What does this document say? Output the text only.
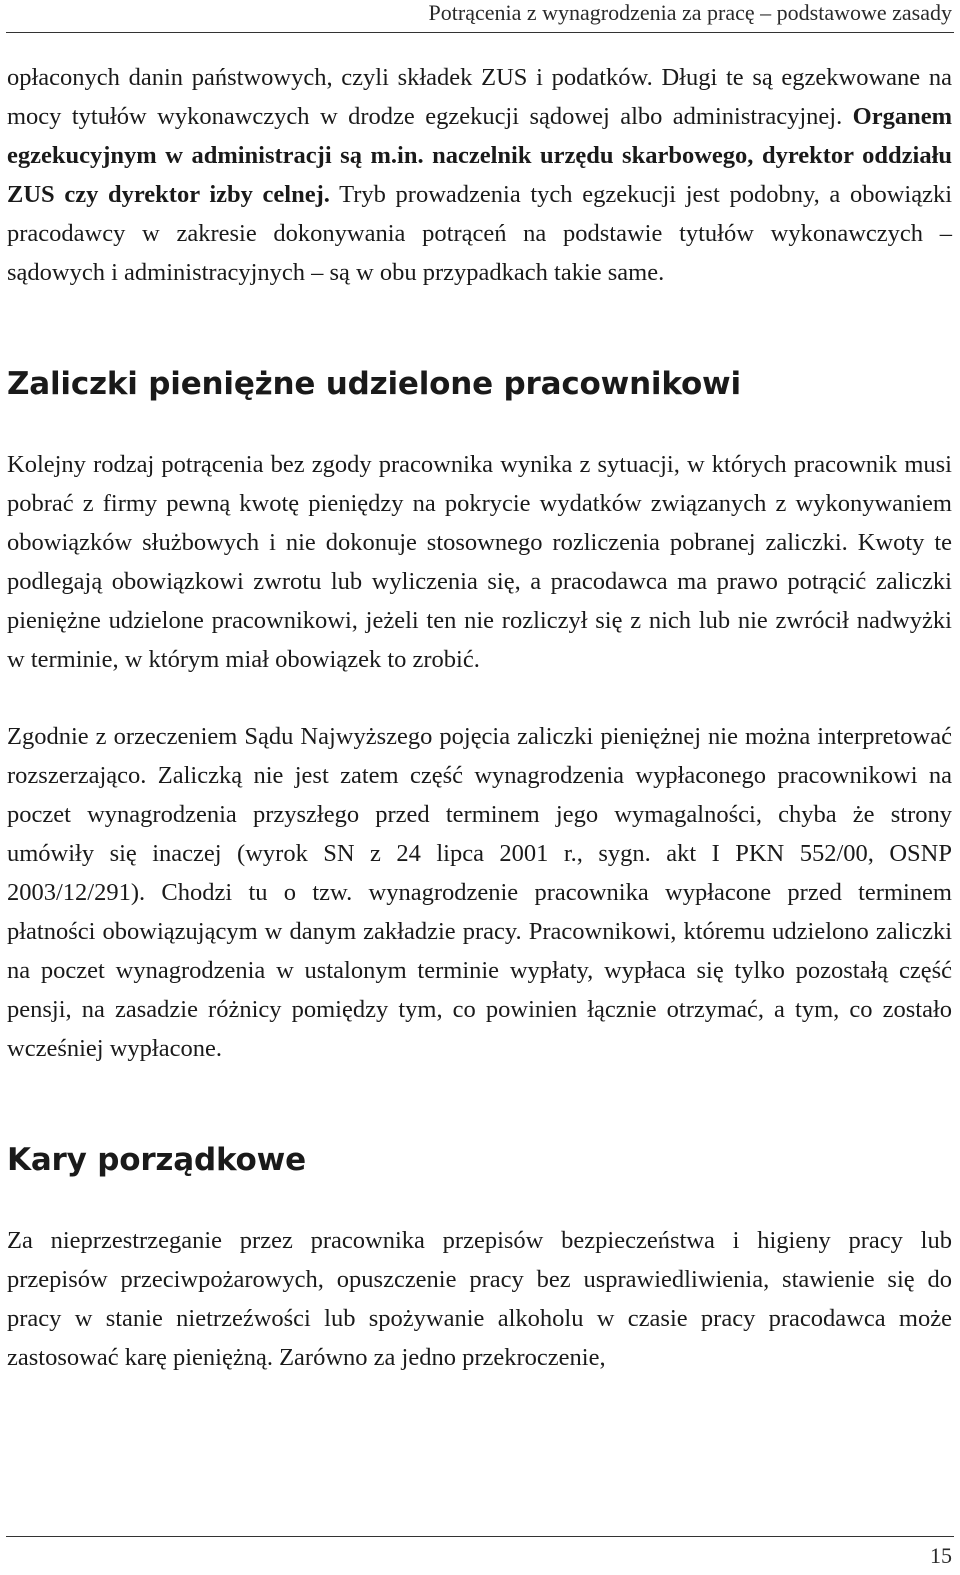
Potrącenia z wynagrodzenia za pracę – podstawowe zasady

opłaconych danin państwowych, czyli składek ZUS i podatków. Długi te są egzekwowane na mocy tytułów wykonawczych w drodze egzekucji sądowej albo administracyjnej. Organem egzekucyjnym w administracji są m.in. naczelnik urzędu skarbowego, dyrektor oddziału ZUS czy dyrektor izby celnej. Tryb prowadzenia tych egzekucji jest podobny, a obowiązki pracodawcy w zakresie dokonywania potrąceń na podstawie tytułów wykonawczych – sądowych i administracyjnych – są w obu przypadkach takie same.

Zaliczki pieniężne udzielone pracownikowi

Kolejny rodzaj potrącenia bez zgody pracownika wynika z sytuacji, w których pracownik musi pobrać z firmy pewną kwotę pieniędzy na pokrycie wydatków związanych z wykonywaniem obowiązków służbowych i nie dokonuje stosownego rozliczenia pobranej zaliczki. Kwoty te podlegają obowiązkowi zwrotu lub wyliczenia się, a pracodawca ma prawo potrącić zaliczki pieniężne udzielone pracownikowi, jeżeli ten nie rozliczył się z nich lub nie zwrócił nadwyżki w terminie, w którym miał obowiązek to zrobić.

Zgodnie z orzeczeniem Sądu Najwyższego pojęcia zaliczki pieniężnej nie można interpretować rozszerzająco. Zaliczką nie jest zatem część wynagrodzenia wypłaconego pracownikowi na poczet wynagrodzenia przyszłego przed terminem jego wymagalności, chyba że strony umówiły się inaczej (wyrok SN z 24 lipca 2001 r., sygn. akt I PKN 552/00, OSNP 2003/12/291). Chodzi tu o tzw. wynagrodzenie pracownika wypłacone przed terminem płatności obowiązującym w danym zakładzie pracy. Pracownikowi, któremu udzielono zaliczki na poczet wynagrodzenia w ustalonym terminie wypłaty, wypłaca się tylko pozostałą część pensji, na zasadzie różnicy pomiędzy tym, co powinien łącznie otrzymać, a tym, co zostało wcześniej wypłacone.

Kary porządkowe

Za nieprzestrzeganie przez pracownika przepisów bezpieczeństwa i higieny pracy lub przepisów przeciwpożarowych, opuszczenie pracy bez usprawiedliwienia, stawienie się do pracy w stanie nietrzeźwości lub spożywanie alkoholu w czasie pracy pracodawca może zastosować karę pieniężną. Zarówno za jedno przekroczenie,

15
